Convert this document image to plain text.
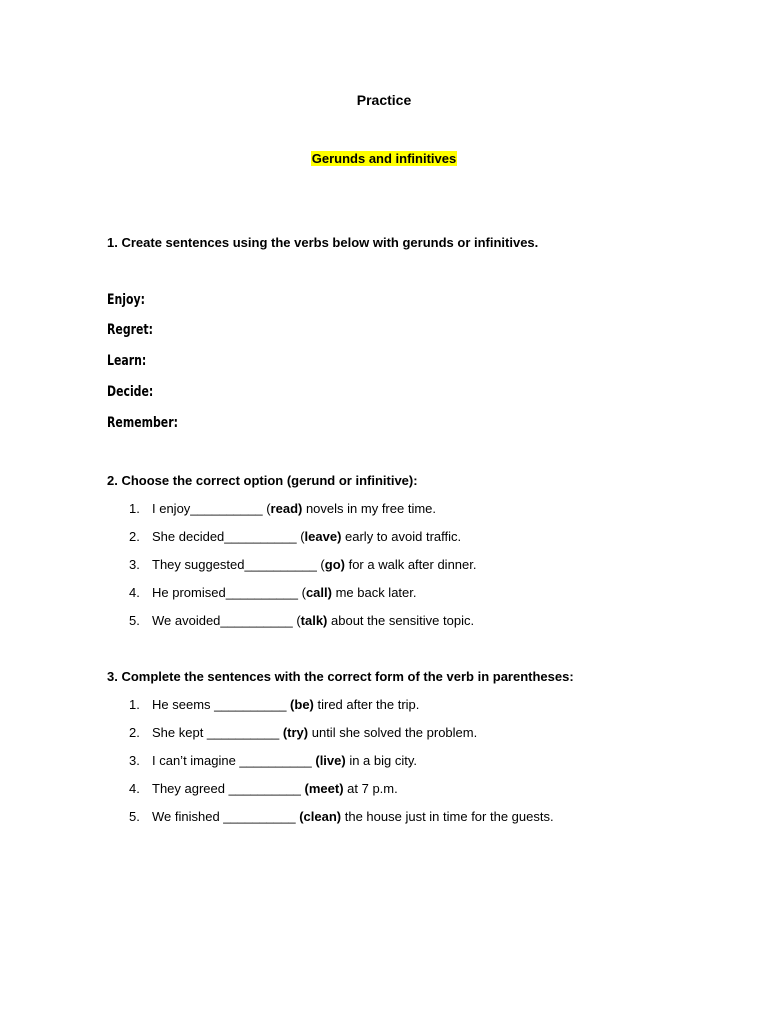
Practice
Gerunds and infinitives
1. Create sentences using the verbs below with gerunds or infinitives.
Enjoy:
Regret:
Learn:
Decide:
Remember:
2. Choose the correct option (gerund or infinitive):
1. I enjoy__________ (read) novels in my free time.
2. She decided__________ (leave) early to avoid traffic.
3. They suggested__________ (go) for a walk after dinner.
4. He promised__________ (call) me back later.
5. We avoided__________ (talk) about the sensitive topic.
3. Complete the sentences with the correct form of the verb in parentheses:
1. He seems __________ (be) tired after the trip.
2. She kept __________ (try) until she solved the problem.
3. I can’t imagine __________ (live) in a big city.
4. They agreed __________ (meet) at 7 p.m.
5. We finished __________ (clean) the house just in time for the guests.
